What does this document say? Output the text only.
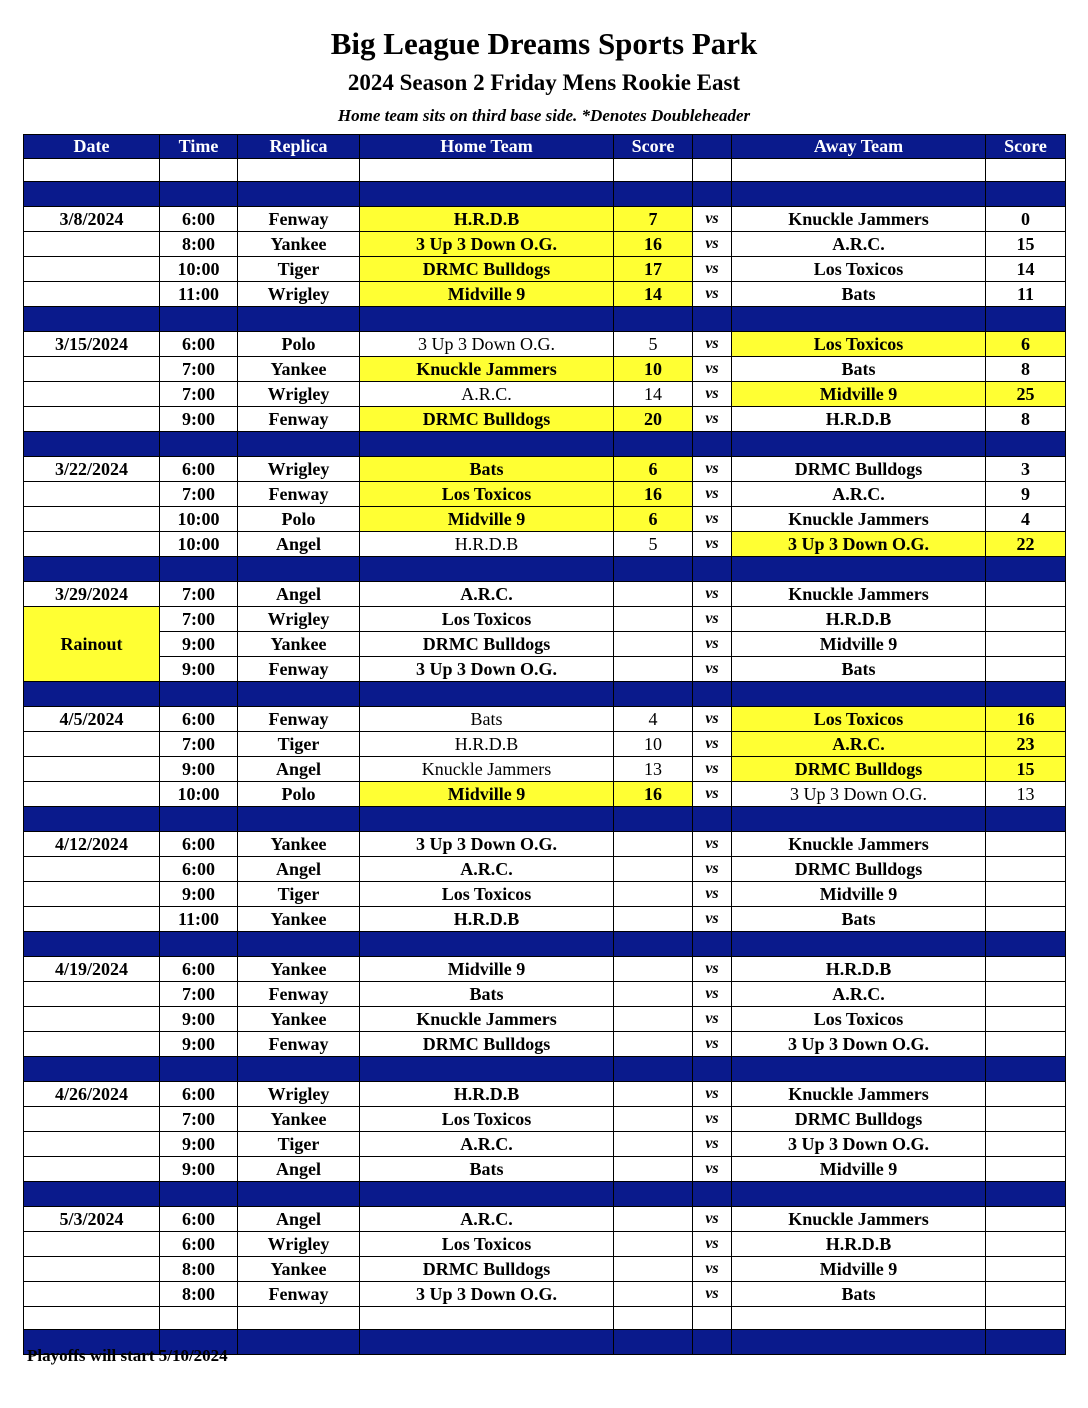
Big League Dreams Sports Park
2024 Season 2 Friday Mens Rookie East
Home team sits on third base side. *Denotes Doubleheader
Date	Time	Replica	Home Team	Score		Away Team	Score

3/8/2024	6:00	Fenway	H.R.D.B	7	vs	Knuckle Jammers	0
	8:00	Yankee	3 Up 3 Down O.G.	16	vs	A.R.C.	15
	10:00	Tiger	DRMC Bulldogs	17	vs	Los Toxicos	14
	11:00	Wrigley	Midville 9	14	vs	Bats	11

3/15/2024	6:00	Polo	3 Up 3 Down O.G.	5	vs	Los Toxicos	6
	7:00	Yankee	Knuckle Jammers	10	vs	Bats	8
	7:00	Wrigley	A.R.C.	14	vs	Midville 9	25
	9:00	Fenway	DRMC Bulldogs	20	vs	H.R.D.B	8

3/22/2024	6:00	Wrigley	Bats	6	vs	DRMC Bulldogs	3
	7:00	Fenway	Los Toxicos	16	vs	A.R.C.	9
	10:00	Polo	Midville 9	6	vs	Knuckle Jammers	4
	10:00	Angel	H.R.D.B	5	vs	3 Up 3 Down O.G.	22

3/29/2024	7:00	Angel	A.R.C.		vs	Knuckle Jammers	
Rainout	7:00	Wrigley	Los Toxicos		vs	H.R.D.B	
	9:00	Yankee	DRMC Bulldogs		vs	Midville 9	
	9:00	Fenway	3 Up 3 Down O.G.		vs	Bats	

4/5/2024	6:00	Fenway	Bats	4	vs	Los Toxicos	16
	7:00	Tiger	H.R.D.B	10	vs	A.R.C.	23
	9:00	Angel	Knuckle Jammers	13	vs	DRMC Bulldogs	15
	10:00	Polo	Midville 9	16	vs	3 Up 3 Down O.G.	13

4/12/2024	6:00	Yankee	3 Up 3 Down O.G.		vs	Knuckle Jammers	
	6:00	Angel	A.R.C.		vs	DRMC Bulldogs	
	9:00	Tiger	Los Toxicos		vs	Midville 9	
	11:00	Yankee	H.R.D.B		vs	Bats	

4/19/2024	6:00	Yankee	Midville 9		vs	H.R.D.B	
	7:00	Fenway	Bats		vs	A.R.C.	
	9:00	Yankee	Knuckle Jammers		vs	Los Toxicos	
	9:00	Fenway	DRMC Bulldogs		vs	3 Up 3 Down O.G.	

4/26/2024	6:00	Wrigley	H.R.D.B		vs	Knuckle Jammers	
	7:00	Yankee	Los Toxicos		vs	DRMC Bulldogs	
	9:00	Tiger	A.R.C.		vs	3 Up 3 Down O.G.	
	9:00	Angel	Bats		vs	Midville 9	

5/3/2024	6:00	Angel	A.R.C.		vs	Knuckle Jammers	
	6:00	Wrigley	Los Toxicos		vs	H.R.D.B	
	8:00	Yankee	DRMC Bulldogs		vs	Midville 9	
	8:00	Fenway	3 Up 3 Down O.G.		vs	Bats	

Playoffs will start 5/10/2024
